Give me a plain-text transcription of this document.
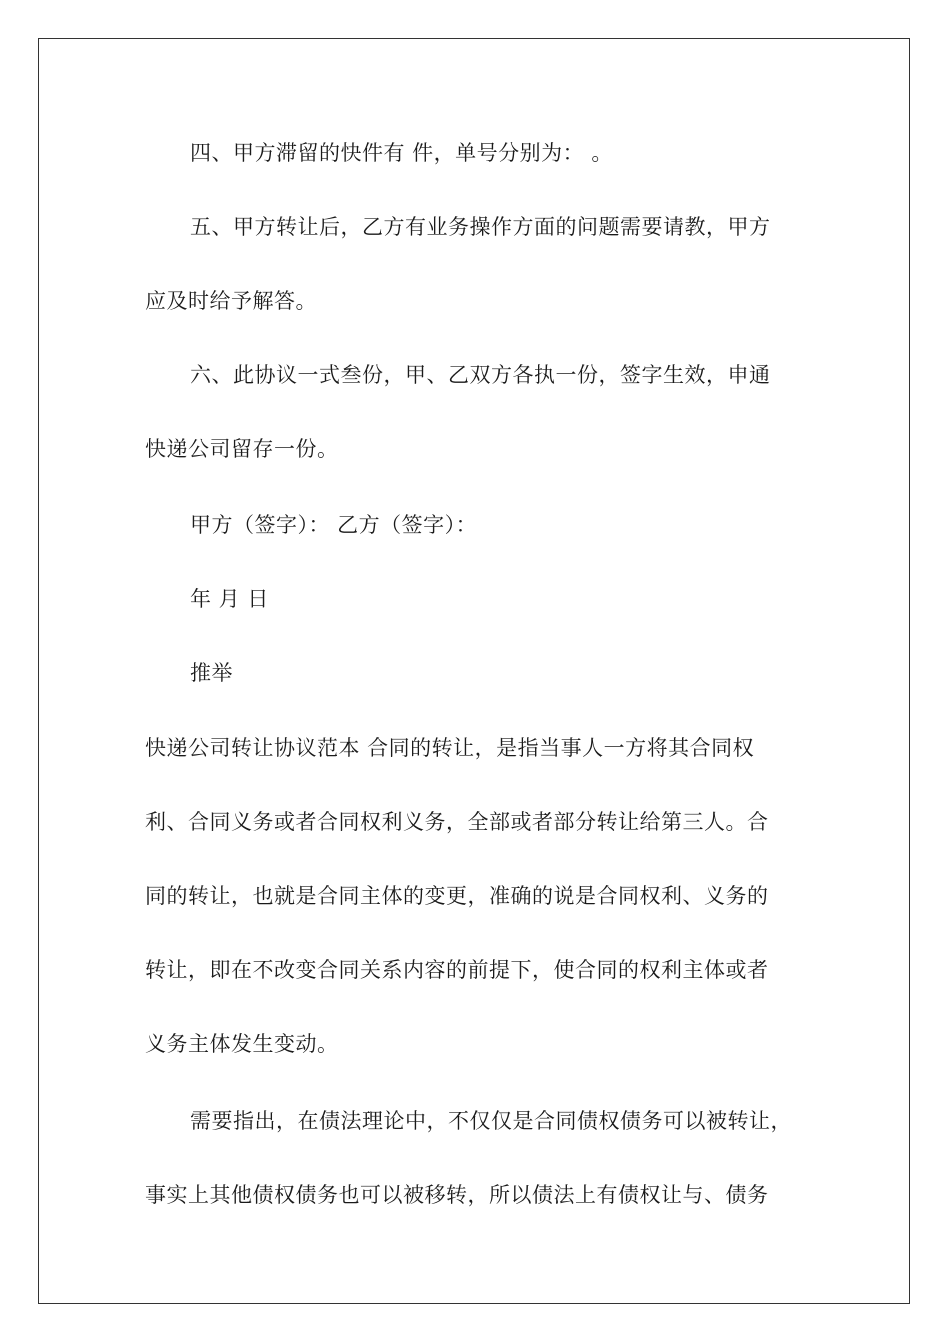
四、甲方滞留的快件有 件，单号分别为： 。
五、甲方转让后，乙方有业务操作方面的问题需要请教，甲方
应及时给予解答。
六、此协议一式叁份，甲、乙双方各执一份，签字生效，申通
快递公司留存一份。
甲方（签字）： 乙方（签字）：
年 月 日
推举
快递公司转让协议范本 合同的转让，是指当事人一方将其合同权
利、合同义务或者合同权利义务，全部或者部分转让给第三人。合
同的转让，也就是合同主体的变更，准确的说是合同权利、义务的
转让，即在不改变合同关系内容的前提下，使合同的权利主体或者
义务主体发生变动。
需要指出，在债法理论中，不仅仅是合同债权债务可以被转让，
事实上其他债权债务也可以被移转，所以债法上有债权让与、债务
